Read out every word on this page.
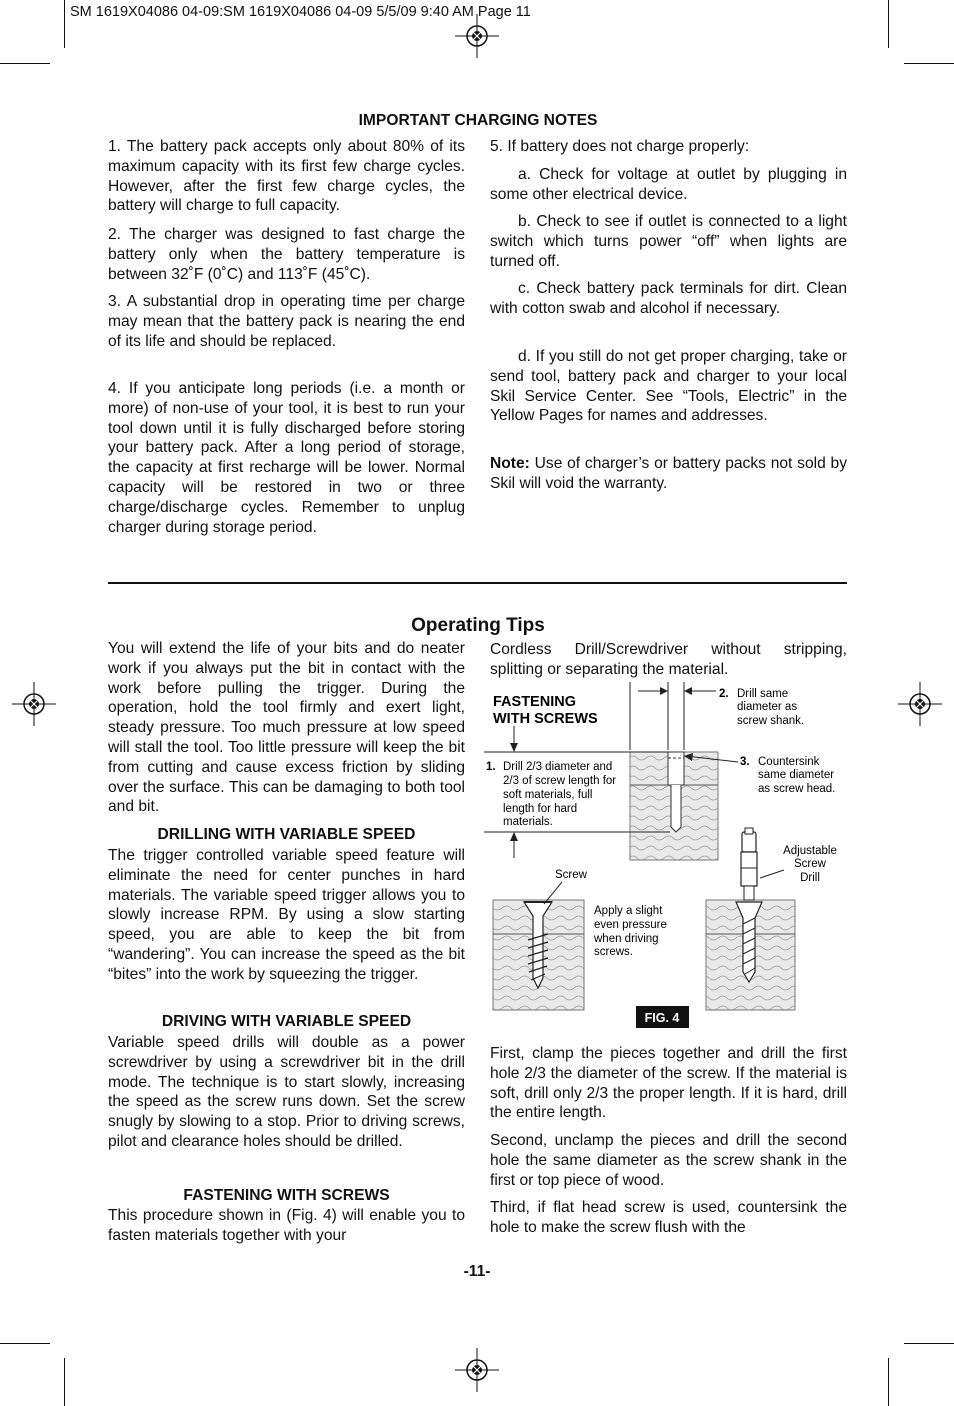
SM 1619X04086 04-09:SM 1619X04086 04-09 5/5/09 9:40 AM Page 11
IMPORTANT CHARGING NOTES

1. The battery pack accepts only about 80% of its maximum capacity with its first few charge cycles. However, after the first few charge cycles, the battery will charge to full capacity.

2. The charger was designed to fast charge the battery only when the battery temperature is between 32˚F (0˚C) and 113˚F (45˚C).

3. A substantial drop in operating time per charge may mean that the battery pack is nearing the end of its life and should be replaced.

4. If you anticipate long periods (i.e. a month or more) of non-use of your tool, it is best to run your tool down until it is fully discharged before storing your battery pack. After a long period of storage, the capacity at first recharge will be lower. Normal capacity will be restored in two or three charge/discharge cycles. Remember to unplug charger during storage period.

5. If battery does not charge properly:

a. Check for voltage at outlet by plugging in some other electrical device.

b. Check to see if outlet is connected to a light switch which turns power “off” when lights are turned off.

c. Check battery pack terminals for dirt. Clean with cotton swab and alcohol if necessary.

d. If you still do not get proper charging, take or send tool, battery pack and charger to your local Skil Service Center. See “Tools, Electric” in the Yellow Pages for names and addresses.

Note: Use of charger’s or battery packs not sold by Skil will void the warranty.

Operating Tips

You will extend the life of your bits and do neater work if you always put the bit in contact with the work before pulling the trigger. During the operation, hold the tool firmly and exert light, steady pressure. Too much pressure at low speed will stall the tool. Too little pressure will keep the bit from cutting and cause excess friction by sliding over the surface. This can be damaging to both tool and bit.

DRILLING WITH VARIABLE SPEED

The trigger controlled variable speed feature will eliminate the need for center punches in hard materials. The variable speed trigger allows you to slowly increase RPM. By using a slow starting speed, you are able to keep the bit from “wandering”. You can increase the speed as the bit “bites” into the work by squeezing the trigger.

DRIVING WITH VARIABLE SPEED

Variable speed drills will double as a power screwdriver by using a screwdriver bit in the drill mode. The technique is to start slowly, increasing the speed as the screw runs down. Set the screw snugly by slowing to a stop. Prior to driving screws, pilot and clearance holes should be drilled.

FASTENING WITH SCREWS

This procedure shown in (Fig. 4) will enable you to fasten materials together with your

Cordless Drill/Screwdriver without stripping, splitting or separating the material.

FASTENING
WITH SCREWS
1. Drill 2/3 diameter and
2/3 of screw length for
soft materials, full
length for hard
materials.
2. Drill same
diameter as
screw shank.
3. Countersink
same diameter
as screw head.
Adjustable
Screw
Drill
Screw
Apply a slight
even pressure
when driving
screws.
FIG. 4

First, clamp the pieces together and drill the first hole 2/3 the diameter of the screw. If the material is soft, drill only 2/3 the proper length. If it is hard, drill the entire length.

Second, unclamp the pieces and drill the second hole the same diameter as the screw shank in the first or top piece of wood.

Third, if flat head screw is used, countersink the hole to make the screw flush with the

-11-
